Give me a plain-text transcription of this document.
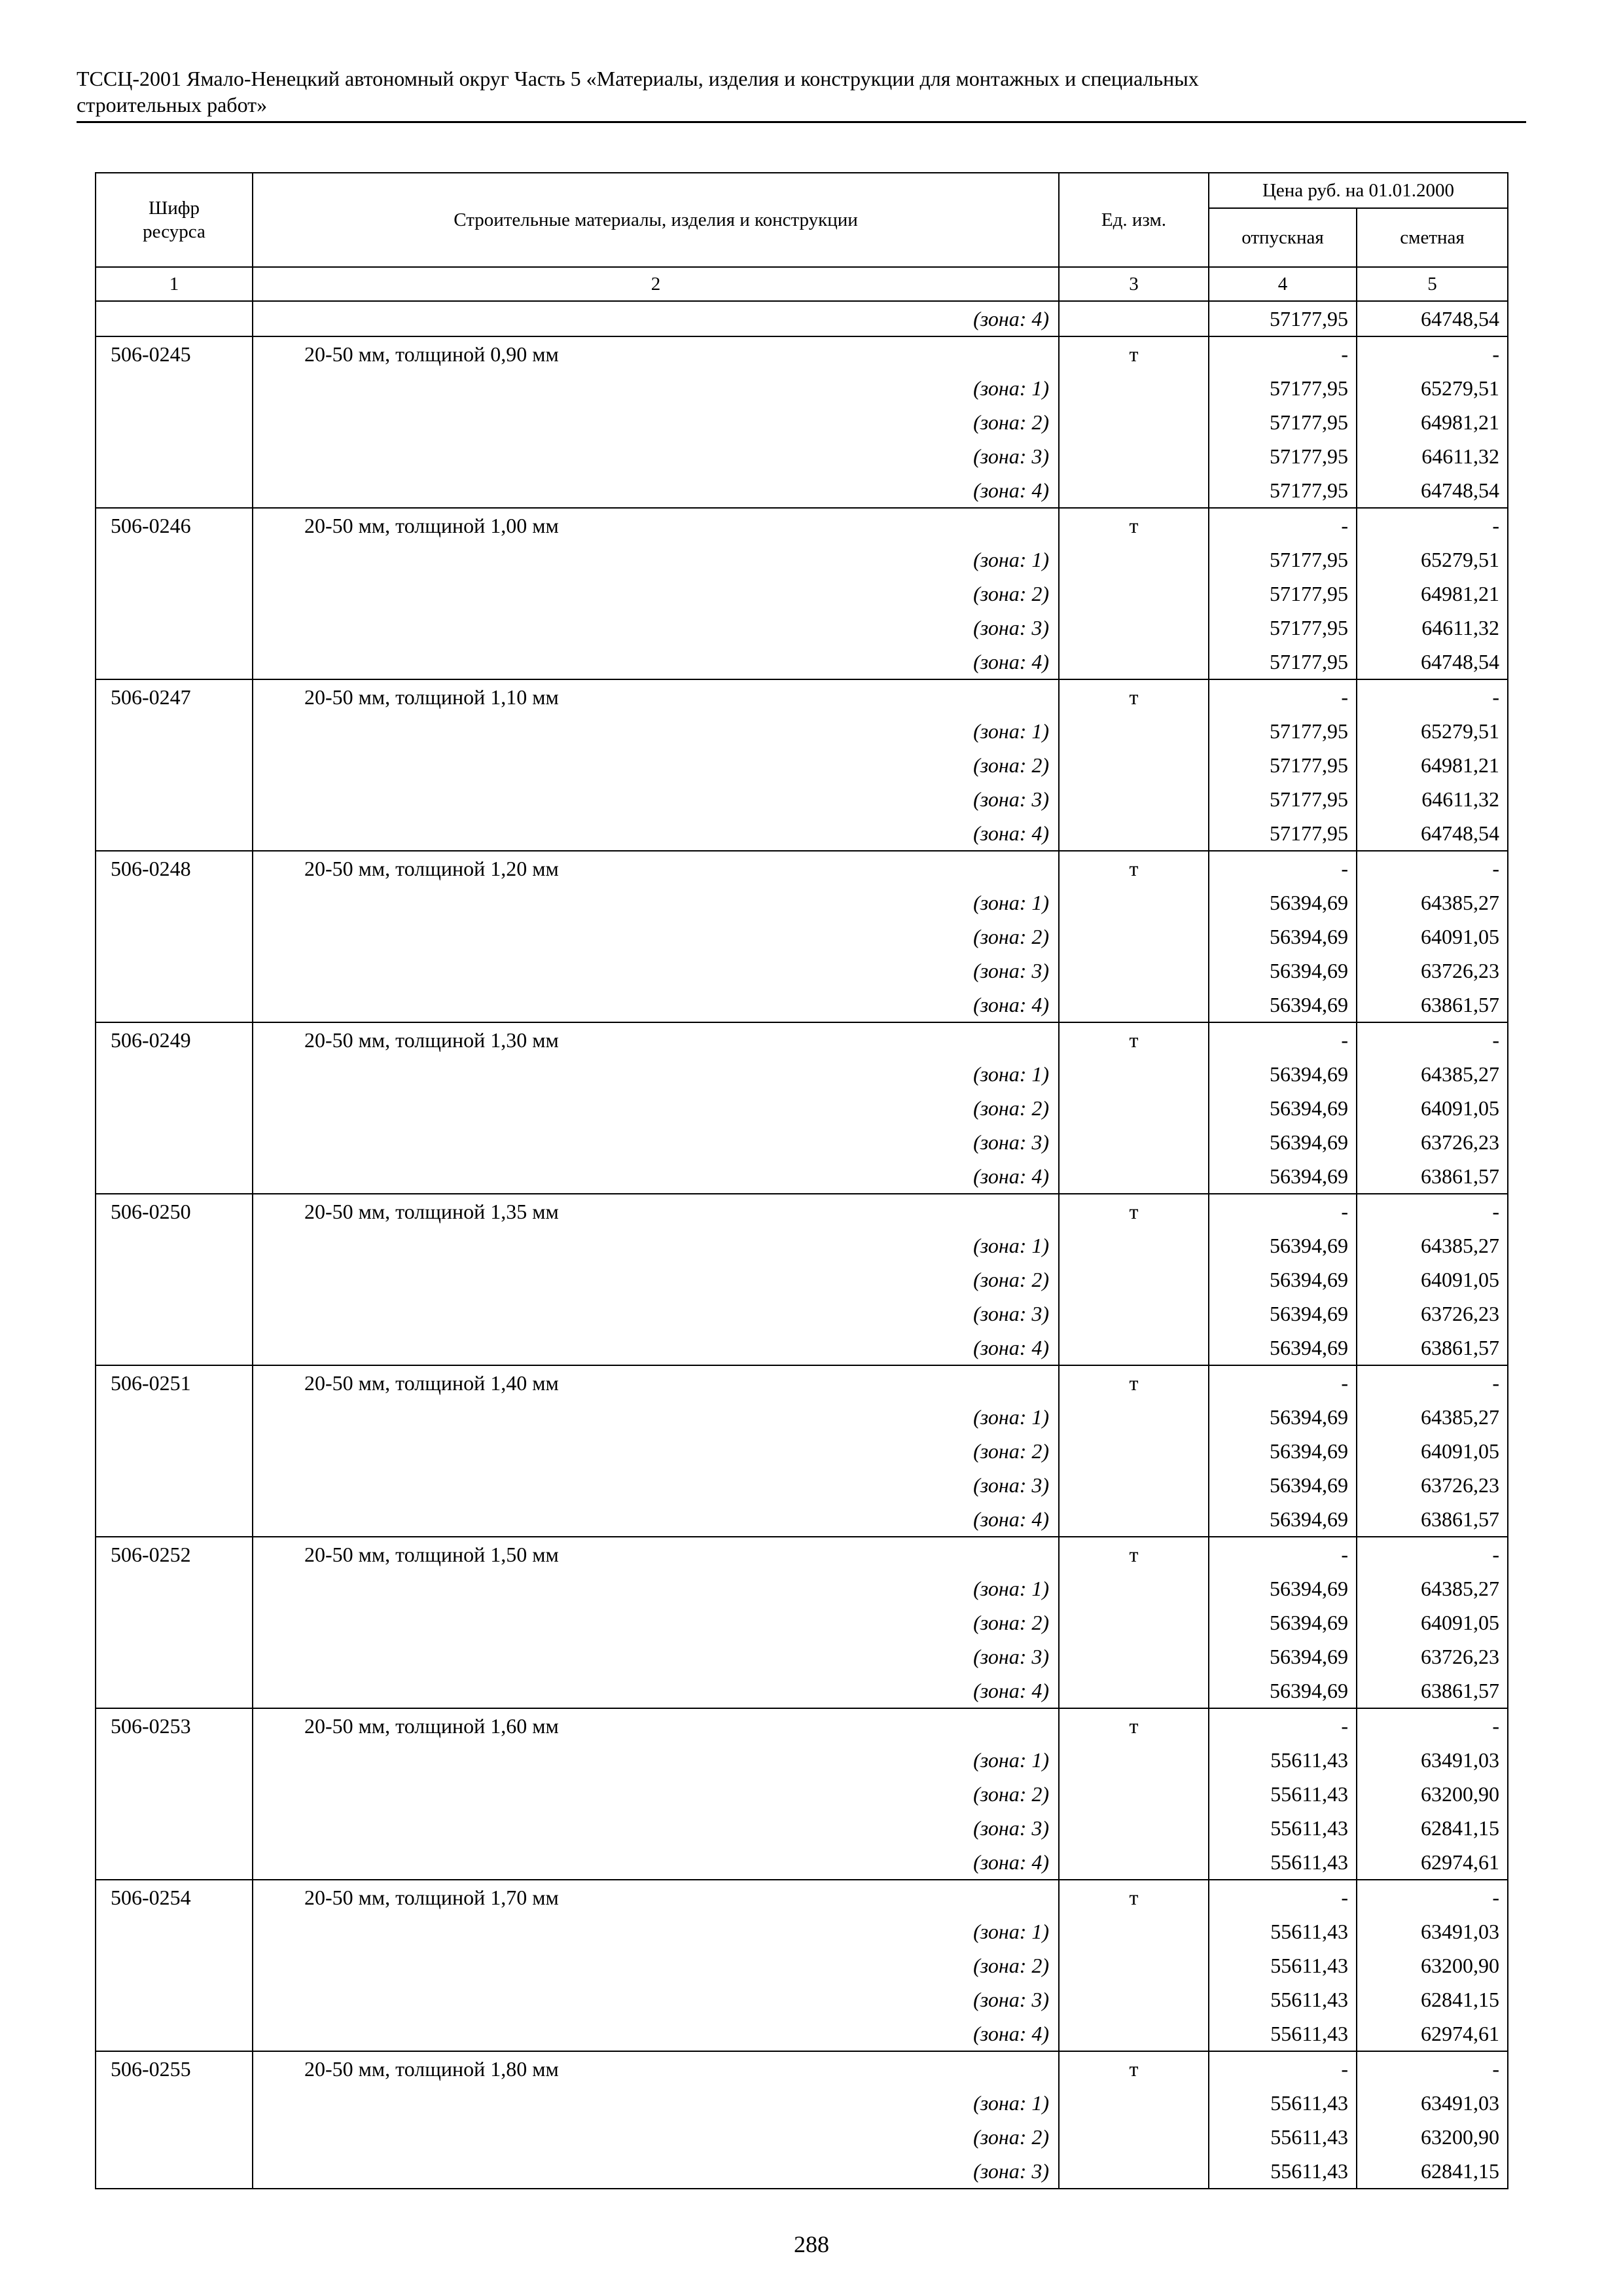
ТССЦ-2001 Ямало-Ненецкий автономный округ Часть 5 «Материалы, изделия и конструкции для монтажных и специальных
строительных работ»
Шифр ресурса	Строительные материалы, изделия и конструкции	Ед. изм.	Цена руб. на 01.01.2000	
			отпускная	сметная
1	2	3	4	5
	(зона: 4)		57177,95	64748,54
506-0245	20-50 мм, толщиной 0,90 мм	т	-	-
	(зона: 1)		57177,95	65279,51
	(зона: 2)		57177,95	64981,21
	(зона: 3)		57177,95	64611,32
	(зона: 4)		57177,95	64748,54
506-0246	20-50 мм, толщиной 1,00 мм	т	-	-
	(зона: 1)		57177,95	65279,51
	(зона: 2)		57177,95	64981,21
	(зона: 3)		57177,95	64611,32
	(зона: 4)		57177,95	64748,54
506-0247	20-50 мм, толщиной 1,10 мм	т	-	-
	(зона: 1)		57177,95	65279,51
	(зона: 2)		57177,95	64981,21
	(зона: 3)		57177,95	64611,32
	(зона: 4)		57177,95	64748,54
506-0248	20-50 мм, толщиной 1,20 мм	т	-	-
	(зона: 1)		56394,69	64385,27
	(зона: 2)		56394,69	64091,05
	(зона: 3)		56394,69	63726,23
	(зона: 4)		56394,69	63861,57
506-0249	20-50 мм, толщиной 1,30 мм	т	-	-
	(зона: 1)		56394,69	64385,27
	(зона: 2)		56394,69	64091,05
	(зона: 3)		56394,69	63726,23
	(зона: 4)		56394,69	63861,57
506-0250	20-50 мм, толщиной 1,35 мм	т	-	-
	(зона: 1)		56394,69	64385,27
	(зона: 2)		56394,69	64091,05
	(зона: 3)		56394,69	63726,23
	(зона: 4)		56394,69	63861,57
506-0251	20-50 мм, толщиной 1,40 мм	т	-	-
	(зона: 1)		56394,69	64385,27
	(зона: 2)		56394,69	64091,05
	(зона: 3)		56394,69	63726,23
	(зона: 4)		56394,69	63861,57
506-0252	20-50 мм, толщиной 1,50 мм	т	-	-
	(зона: 1)		56394,69	64385,27
	(зона: 2)		56394,69	64091,05
	(зона: 3)		56394,69	63726,23
	(зона: 4)		56394,69	63861,57
506-0253	20-50 мм, толщиной 1,60 мм	т	-	-
	(зона: 1)		55611,43	63491,03
	(зона: 2)		55611,43	63200,90
	(зона: 3)		55611,43	62841,15
	(зона: 4)		55611,43	62974,61
506-0254	20-50 мм, толщиной 1,70 мм	т	-	-
	(зона: 1)		55611,43	63491,03
	(зона: 2)		55611,43	63200,90
	(зона: 3)		55611,43	62841,15
	(зона: 4)		55611,43	62974,61
506-0255	20-50 мм, толщиной 1,80 мм	т	-	-
	(зона: 1)		55611,43	63491,03
	(зона: 2)		55611,43	63200,90
	(зона: 3)		55611,43	62841,15
288
